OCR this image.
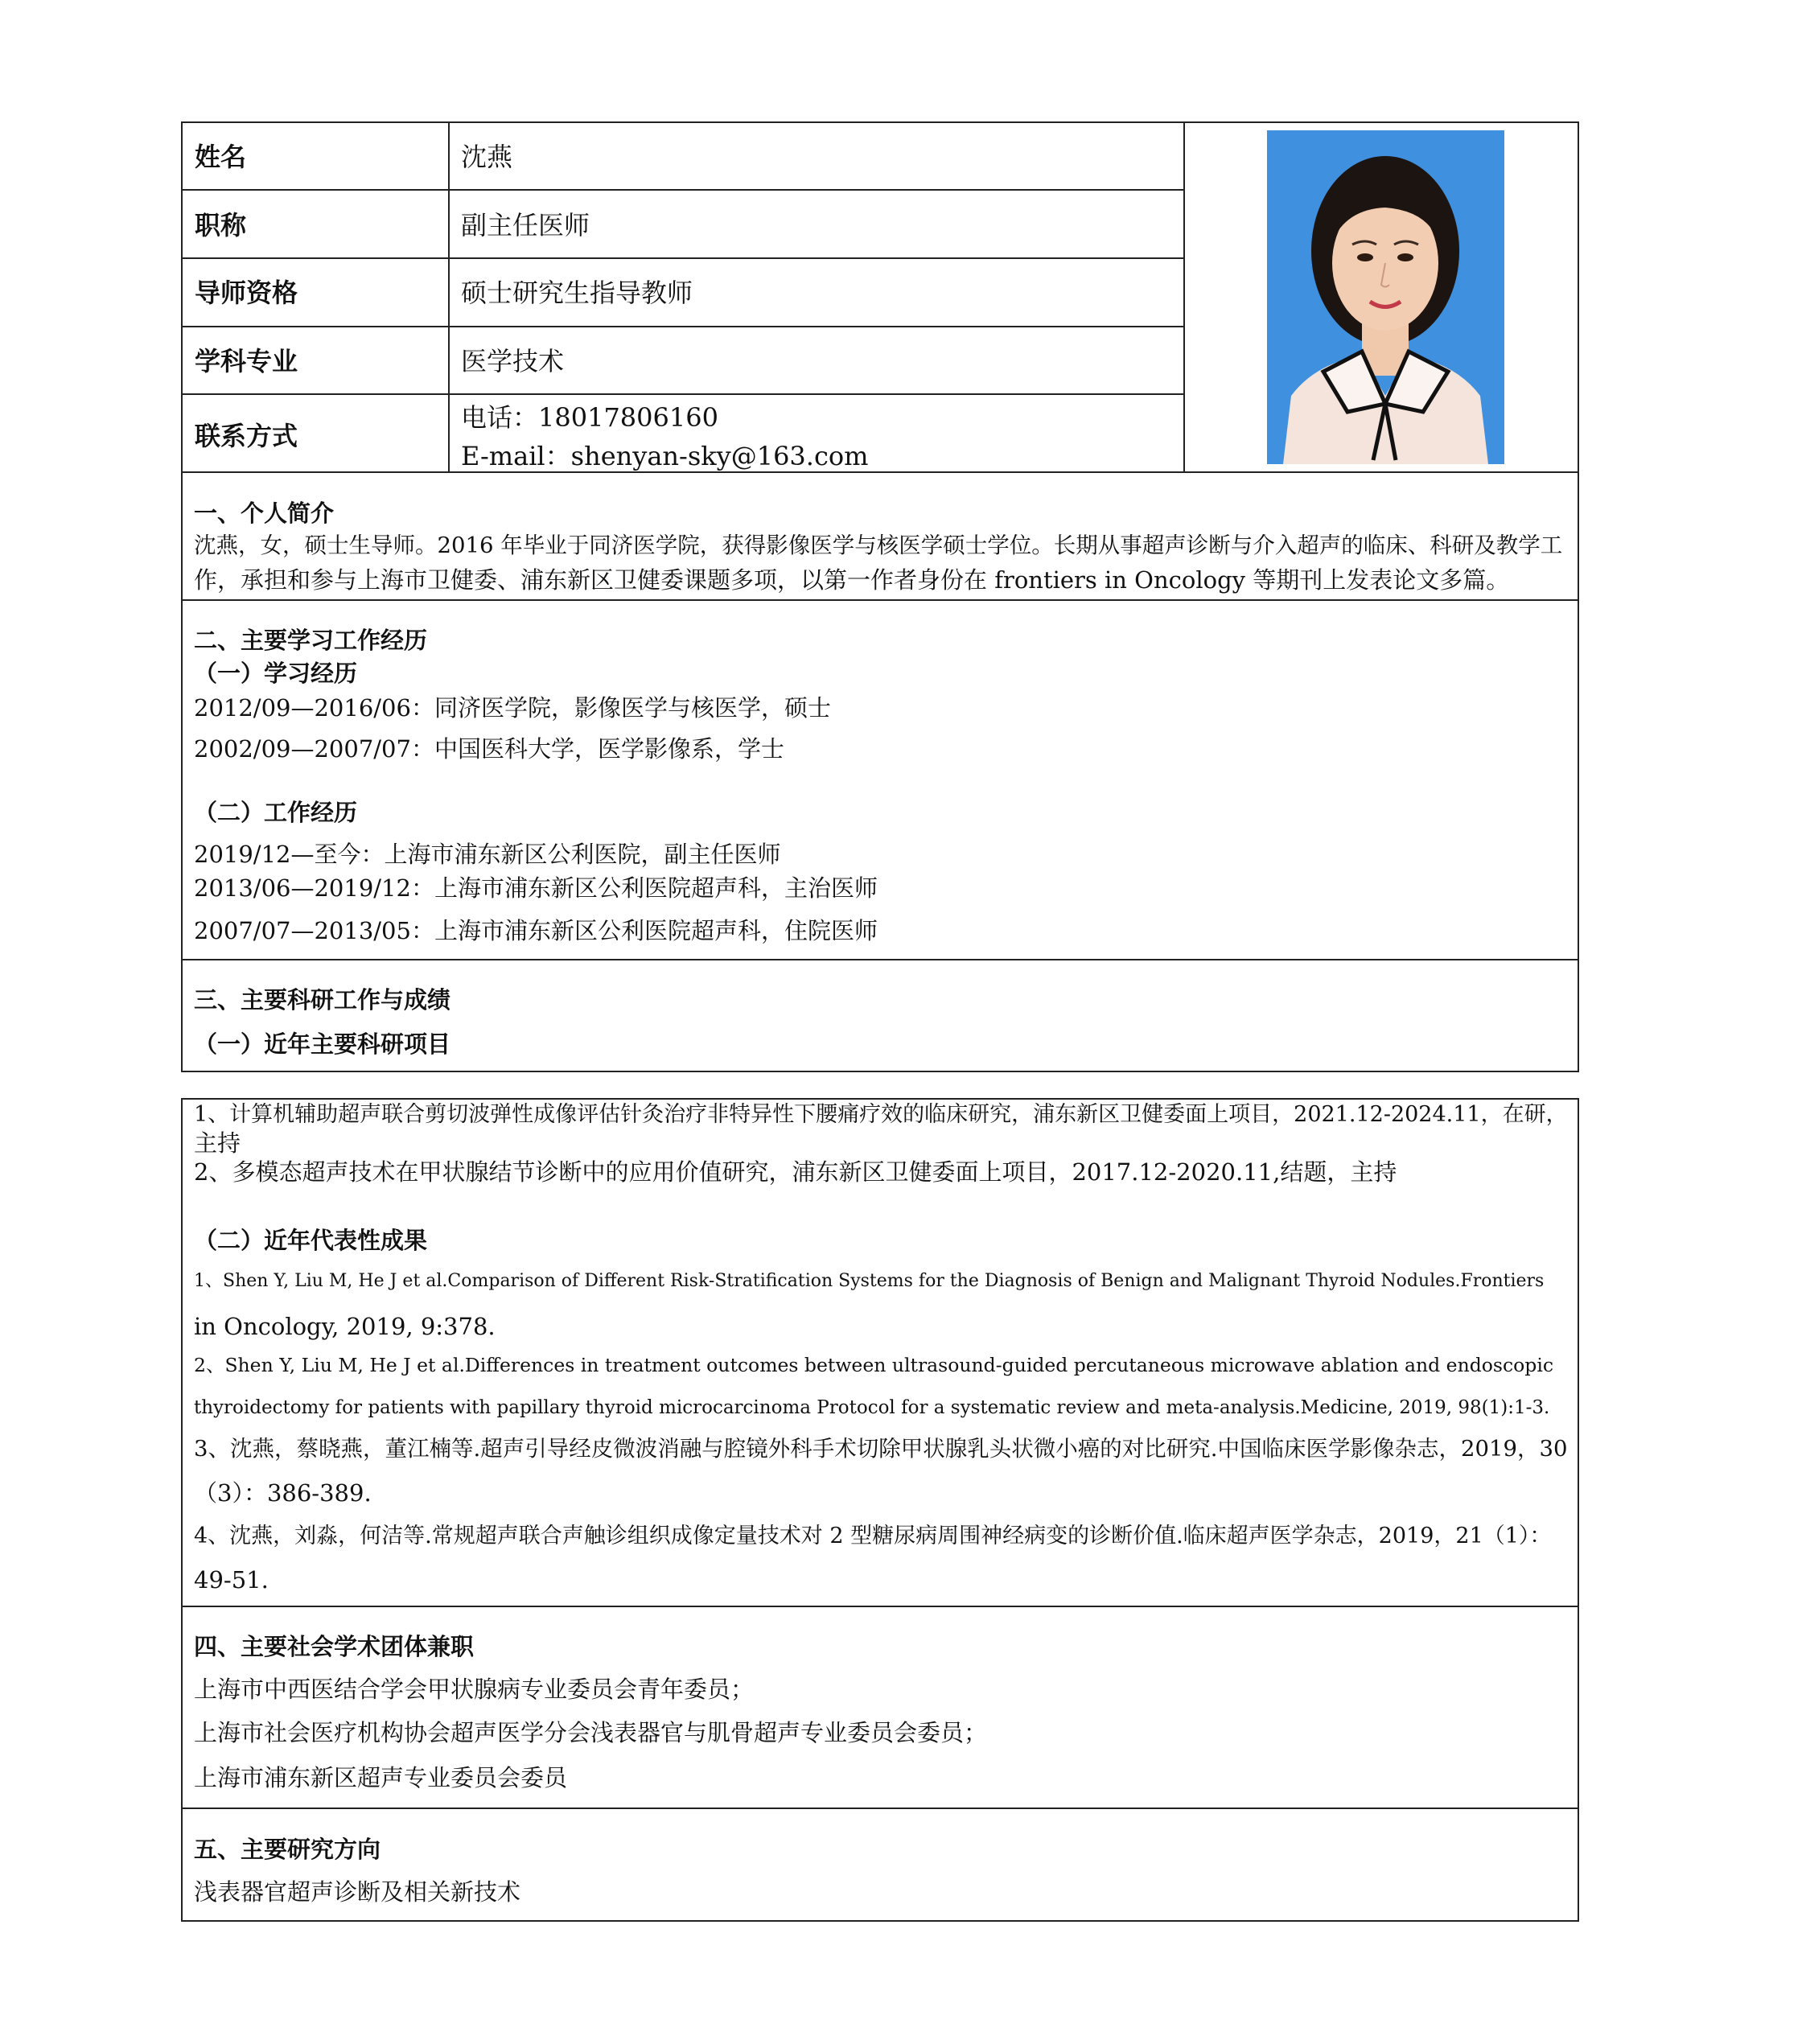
姓名	沈燕
职称	副主任医师
导师资格	硕士研究生指导教师
学科专业	医学技术
联系方式
电话：18017806160
E-mail：shenyan-sky@163.com
一、个人简介
沈燕，女，硕士生导师。2016 年毕业于同济医学院，获得影像医学与核医学硕士学位。长期从事超声诊断与介入超声的临床、科研及教学工
作，承担和参与上海市卫健委、浦东新区卫健委课题多项，以第一作者身份在 frontiers in Oncology 等期刊上发表论文多篇。
二、主要学习工作经历
（一）学习经历
2012/09—2016/06：同济医学院，影像医学与核医学，硕士
2002/09—2007/07：中国医科大学，医学影像系，学士
（二）工作经历
2019/12—至今：上海市浦东新区公利医院，副主任医师
2013/06—2019/12：上海市浦东新区公利医院超声科，主治医师
2007/07—2013/05：上海市浦东新区公利医院超声科，住院医师
三、主要科研工作与成绩
（一）近年主要科研项目
1、计算机辅助超声联合剪切波弹性成像评估针灸治疗非特异性下腰痛疗效的临床研究，浦东新区卫健委面上项目，2021.12-2024.11，在研，
主持
2、多模态超声技术在甲状腺结节诊断中的应用价值研究，浦东新区卫健委面上项目，2017.12-2020.11,结题，主持
（二）近年代表性成果
1、Shen Y, Liu M, He J et al.Comparison of Different Risk-Stratification Systems for the Diagnosis of Benign and Malignant Thyroid Nodules.Frontiers
in Oncology, 2019, 9:378.
2、Shen Y, Liu M, He J et al.Differences in treatment outcomes between ultrasound-guided percutaneous microwave ablation and endoscopic
thyroidectomy for patients with papillary thyroid microcarcinoma Protocol for a systematic review and meta-analysis.Medicine, 2019, 98(1):1-3.
3、沈燕，蔡晓燕，董江楠等.超声引导经皮微波消融与腔镜外科手术切除甲状腺乳头状微小癌的对比研究.中国临床医学影像杂志，2019，30
（3）：386-389.
4、沈燕，刘淼，何洁等.常规超声联合声触诊组织成像定量技术对 2 型糖尿病周围神经病变的诊断价值.临床超声医学杂志，2019，21（1）：
49-51.
四、主要社会学术团体兼职
上海市中西医结合学会甲状腺病专业委员会青年委员；
上海市社会医疗机构协会超声医学分会浅表器官与肌骨超声专业委员会委员；
上海市浦东新区超声专业委员会委员
五、主要研究方向
浅表器官超声诊断及相关新技术
